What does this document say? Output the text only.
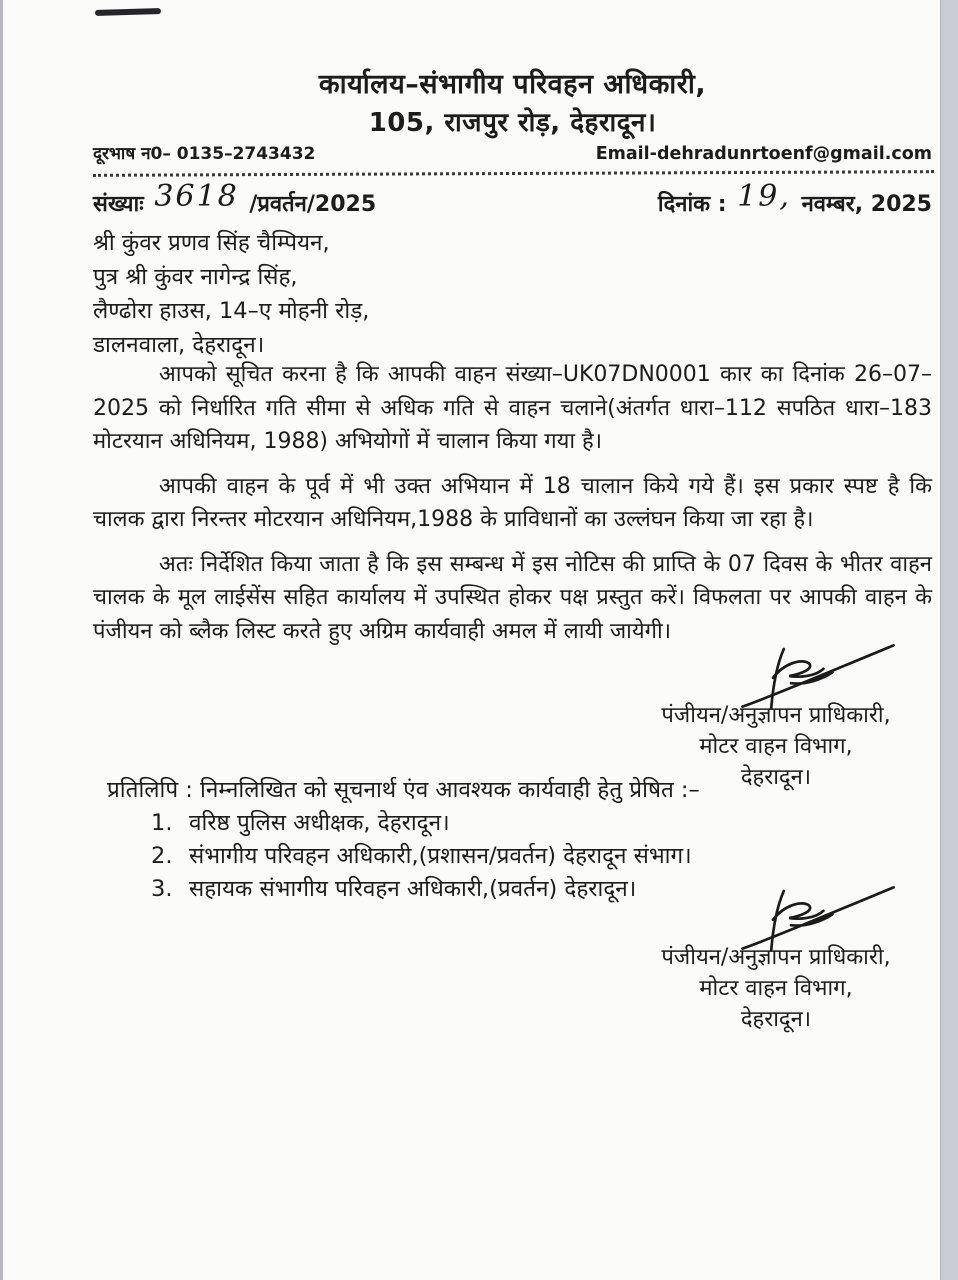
कार्यालय–संभागीय परिवहन अधिकारी,
105, राजपुर रोड़, देहरादून।
दूरभाष न0– 0135–2743432	Email-dehradunrtoenf@gmail.com
संख्याः 3618 /प्रवर्तन/2025	दिनांक : 19, नवम्बर, 2025
श्री कुंवर प्रणव सिंह चैम्पियन,
पुत्र श्री कुंवर नागेन्द्र सिंह,
लैण्ढोरा हाउस, 14–ए मोहनी रोड़,
डालनवाला, देहरादून।

आपको सूचित करना है कि आपकी वाहन संख्या–UK07DN0001 कार का दिनांक 26–07–2025 को निर्धारित गति सीमा से अधिक गति से वाहन चलाने(अंतर्गत धारा–112 सपठित धारा–183 मोटरयान अधिनियम, 1988) अभियोगों में चालान किया गया है।

आपकी वाहन के पूर्व में भी उक्त अभियान में 18 चालान किये गये हैं। इस प्रकार स्पष्ट है कि चालक द्वारा निरन्तर मोटरयान अधिनियम,1988 के प्राविधानों का उल्लंघन किया जा रहा है।

अतः निर्देशित किया जाता है कि इस सम्बन्ध में इस नोटिस की प्राप्ति के 07 दिवस के भीतर वाहन चालक के मूल लाईसेंस सहित कार्यालय में उपस्थित होकर पक्ष प्रस्तुत करें। विफलता पर आपकी वाहन के पंजीयन को ब्लैक लिस्ट करते हुए अग्रिम कार्यवाही अमल में लायी जायेगी।

पंजीयन/अनुज्ञापन प्राधिकारी,
मोटर वाहन विभाग,
देहरादून।
प्रतिलिपि : निम्नलिखित को सूचनार्थ एंव आवश्यक कार्यवाही हेतु प्रेषित :–
1. वरिष्ठ पुलिस अधीक्षक, देहरादून।
2. संभागीय परिवहन अधिकारी,(प्रशासन/प्रवर्तन) देहरादून संभाग।
3. सहायक संभागीय परिवहन अधिकारी,(प्रवर्तन) देहरादून।
पंजीयन/अनुज्ञापन प्राधिकारी,
मोटर वाहन विभाग,
देहरादून।
